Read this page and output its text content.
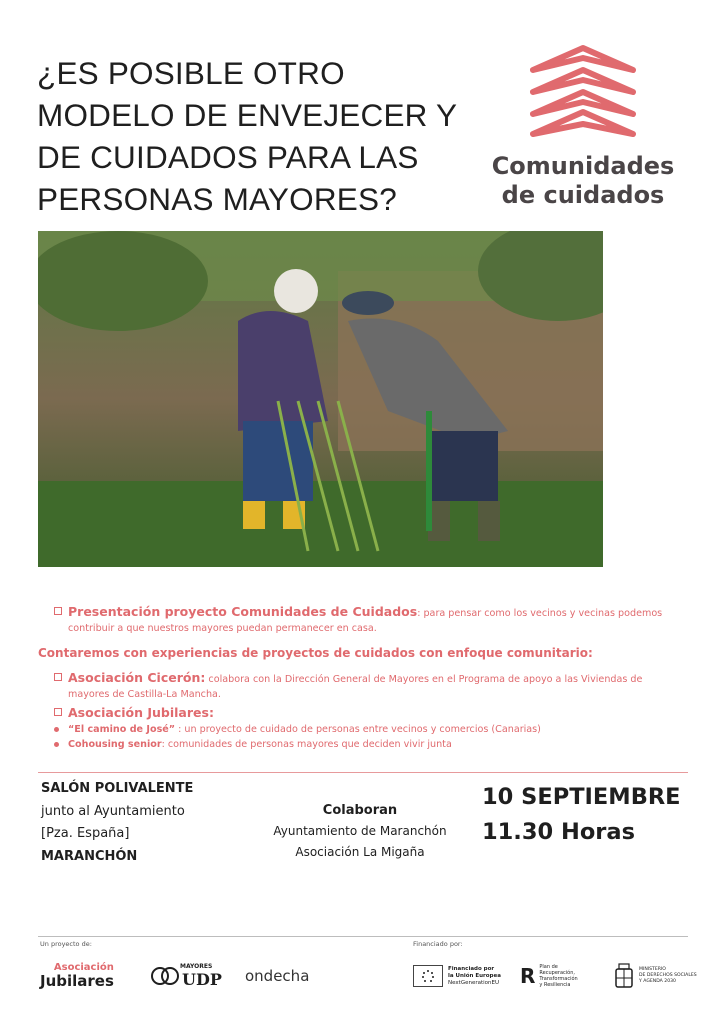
¿ES POSIBLE OTRO MODELO DE ENVEJECER Y DE CUIDADOS PARA LAS PERSONAS MAYORES?
Comunidades
de cuidados

Presentación proyecto Comunidades de Cuidados: para pensar como los vecinos y vecinas podemos contribuir a que nuestros mayores puedan permanecer en casa.

Contaremos con experiencias de proyectos de cuidados con enfoque comunitario:

Asociación Cicerón: colabora con la Dirección General de Mayores en el Programa de apoyo a las Viviendas de mayores de Castilla-La Mancha.

Asociación Jubilares:

“El camino de José” : un proyecto de cuidado de personas entre vecinos y comercios (Canarias)
Cohousing senior: comunidades de personas mayores que deciden vivir junta
SALÓN POLIVALENTE
junto al Ayuntamiento
[Pza. España]
MARANCHÓN
Colaboran
Ayuntamiento de Maranchón
Asociación La Migaña
10 SEPTIEMBRE
11.30 Horas
Un proyecto de:	Financiado por:
Asociación
Jubilares
MAYORES
UDP ondecha	Financiado por
la Unión Europea
NextGenerationEU R Plan de
Recuperación,
Transformación
y Resiliencia
MINISTERIO
DE DERECHOS SOCIALES
Y AGENDA 2030
